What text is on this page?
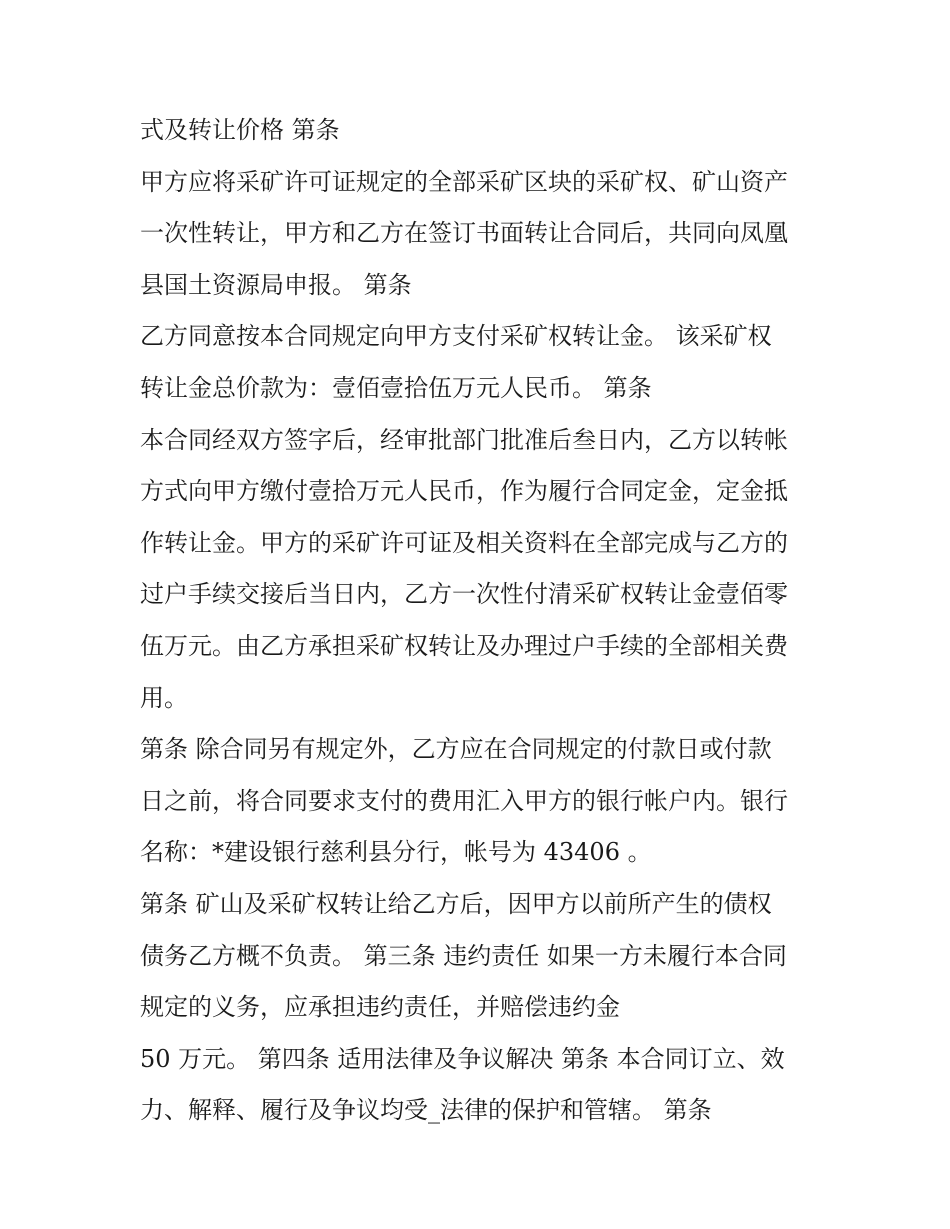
式及转让价格 第条
甲方应将采矿许可证规定的全部采矿区块的采矿权、矿山资产
一次性转让，甲方和乙方在签订书面转让合同后，共同向凤凰
县国土资源局申报。 第条
乙方同意按本合同规定向甲方支付采矿权转让金。 该采矿权
转让金总价款为：壹佰壹拾伍万元人民币。 第条
本合同经双方签字后，经审批部门批准后叁日内，乙方以转帐
方式向甲方缴付壹拾万元人民币，作为履行合同定金，定金抵
作转让金。甲方的采矿许可证及相关资料在全部完成与乙方的
过户手续交接后当日内，乙方一次性付清采矿权转让金壹佰零
伍万元。由乙方承担采矿权转让及办理过户手续的全部相关费
用。
第条 除合同另有规定外，乙方应在合同规定的付款日或付款
日之前，将合同要求支付的费用汇入甲方的银行帐户内。银行
名称：*建设银行慈利县分行，帐号为 43406 。
第条 矿山及采矿权转让给乙方后，因甲方以前所产生的债权
债务乙方概不负责。 第三条 违约责任 如果一方未履行本合同
规定的义务，应承担违约责任，并赔偿违约金
50 万元。 第四条 适用法律及争议解决 第条 本合同订立、效
力、解释、履行及争议均受_法律的保护和管辖。 第条
